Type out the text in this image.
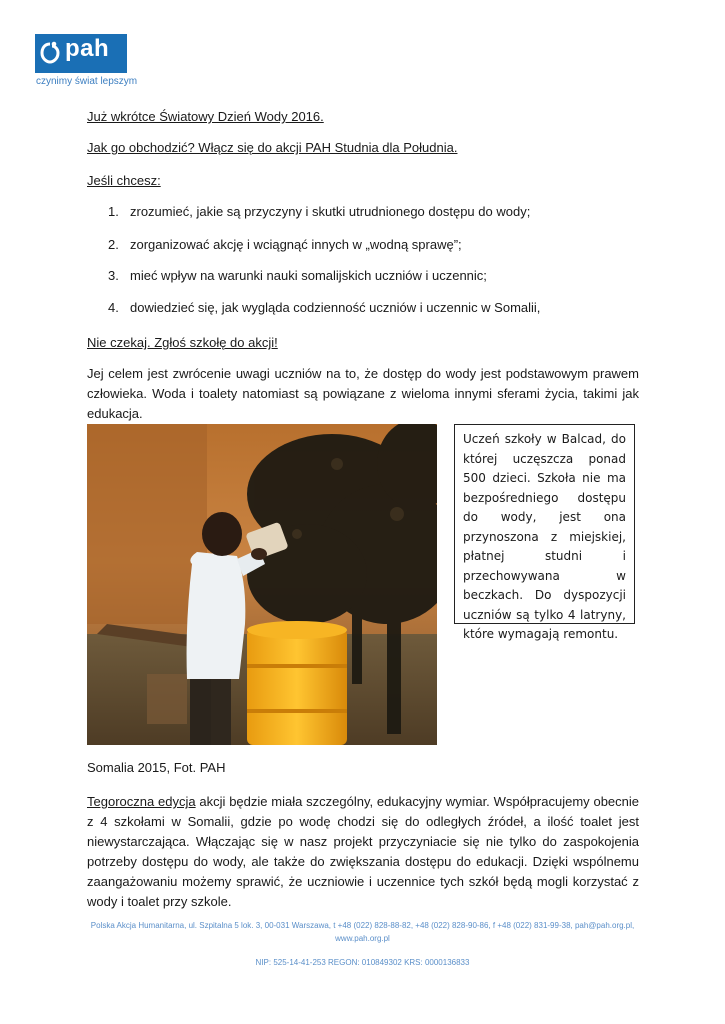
pah
czynimy świat lepszym
Już wkrótce Światowy Dzień Wody 2016.
Jak go obchodzić? Włącz się do akcji PAH Studnia dla Południa.
Jeśli chcesz:
1. zrozumieć, jakie są przyczyny i skutki utrudnionego dostępu do wody;
2. zorganizować akcję i wciągnąć innych w „wodną sprawę”;
3. mieć wpływ na warunki nauki somalijskich uczniów i uczennic;
4. dowiedzieć się, jak wygląda codzienność uczniów i uczennic w Somalii,
Nie czekaj. Zgłoś szkołę do akcji!
Jej celem jest zwrócenie uwagi uczniów na to, że dostęp do wody jest podstawowym prawem człowieka. Woda i toalety natomiast są powiązane z wieloma innymi sferami życia, takimi jak edukacja.
Uczeń szkoły w Balcad, do której uczęszcza ponad 500 dzieci. Szkoła nie ma bezpośredniego dostępu do wody, jest ona przynoszona z miejskiej, płatnej studni i przechowywana w beczkach. Do dyspozycji uczniów są tylko 4 latryny, które wymagają remontu.
Somalia 2015, Fot. PAH
Tegoroczna edycja akcji będzie miała szczególny, edukacyjny wymiar. Współpracujemy obecnie z 4 szkołami w Somalii, gdzie po wodę chodzi się do odległych źródeł, a ilość toalet jest niewystarczająca. Włączając się w nasz projekt przyczyniacie się nie tylko do zaspokojenia potrzeby dostępu do wody, ale także do zwiększania dostępu do edukacji. Dzięki wspólnemu zaangażowaniu możemy sprawić, że uczniowie i uczennice tych szkół będą mogli korzystać z wody i toalet przy szkole.
Polska Akcja Humanitarna, ul. Szpitalna 5 lok. 3, 00-031 Warszawa, t +48 (022) 828-88-82, +48 (022) 828-90-86, f +48 (022) 831-99-38, pah@pah.org.pl,
www.pah.org.pl
NIP: 525-14-41-253 REGON: 010849302 KRS: 0000136833
